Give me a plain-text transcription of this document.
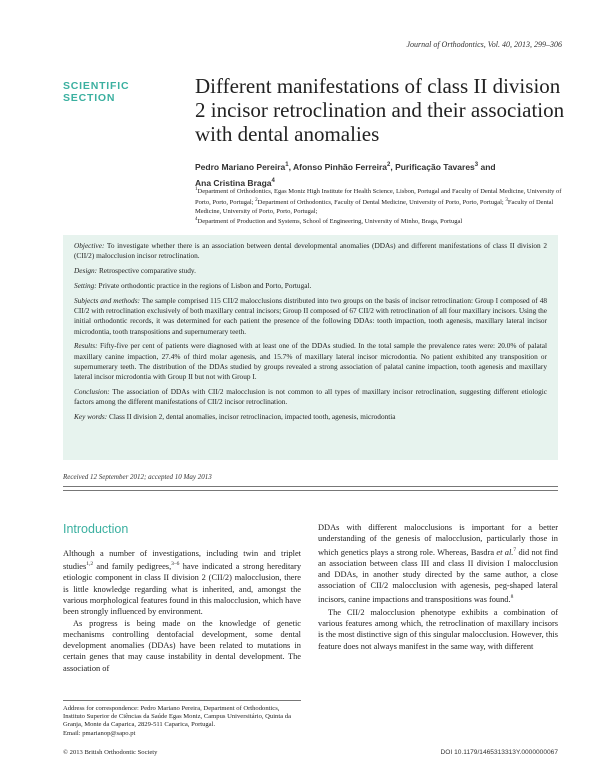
Journal of Orthodontics, Vol. 40, 2013, 299–306
SCIENTIFIC SECTION	Different manifestations of class II division 2 incisor retroclination and their association with dental anomalies
Pedro Mariano Pereira$^1$, Afonso Pinhão Ferreira$^2$, Purificação Tavares$^3$ and
Ana Cristina Braga$^4$
$^1$Department of Orthodontics, Egas Moniz High Institute for Health Science, Lisbon, Portugal and Faculty of Dental Medicine, University of Porto, Porto, Portugal; $^2$Department of Orthodontics, Faculty of Dental Medicine, University of Porto, Porto, Portugal; $^3$Faculty of Dental Medicine, University of Porto, Porto, Portugal;
$^4$Department of Production and Systems, School of Engineering, University of Minho, Braga, Portugal

Objective: To investigate whether there is an association between dental developmental anomalies (DDAs) and different manifestations of class II division 2 (CII/2) malocclusion incisor retroclination.

Design: Retrospective comparative study.

Setting: Private orthodontic practice in the regions of Lisbon and Porto, Portugal.

Subjects and methods: The sample comprised 115 CII/2 malocclusions distributed into two groups on the basis of incisor retroclination: Group I composed of 48 CII/2 with retroclination exclusively of both maxillary central incisors; Group II composed of 67 CII/2 with retroclination of all four maxillary incisors. Using the initial orthodontic records, it was determined for each patient the presence of the following DDAs: tooth impaction, tooth agenesis, maxillary lateral incisor microdontia, tooth transpositions and supernumerary teeth.

Results: Fifty-five per cent of patients were diagnosed with at least one of the DDAs studied. In the total sample the prevalence rates were: 20.0% of palatal maxillary canine impaction, 27.4% of third molar agenesis, and 15.7% of maxillary lateral incisor microdontia. No patient exhibited any transposition or supernumerary teeth. The distribution of the DDAs studied by groups revealed a strong association of palatal canine impaction, tooth agenesis and maxillary lateral incisor microdontia with Group II but not with Group I.

Conclusion: The association of DDAs with CII/2 malocclusion is not common to all types of maxillary incisor retroclination, suggesting different etiologic factors among the different manifestations of CII/2 incisor retroclination.

Key words: Class II division 2, dental anomalies, incisor retroclinacion, impacted tooth, agenesis, microdontia

Received 12 September 2012; accepted 10 May 2013
Introduction

Although a number of investigations, including twin and triplet studies$^{1,2}$ and family pedigrees,$^{3-6}$ have indicated a strong hereditary etiologic component in class II division 2 (CII/2) malocclusion, there is little knowledge regarding what is inherited, and, amongst the various morphological features found in this malocclusion, which have been strongly influenced by environment.

As progress is being made on the knowledge of genetic mechanisms controlling dentofacial development, some dental development anomalies (DDAs) have been related to mutations in certain genes that may cause instability in dental development. The association of

DDAs with different malocclusions is important for a better understanding of the genesis of malocclusion, particularly those in which genetics plays a strong role. Whereas, Basdra et al.$^7$ did not find an association between class III and class II division I malocclusion and DDAs, in another study directed by the same author, a close association of CII/2 malocclusion with agenesis, peg-shaped lateral incisors, canine impactions and transpositions was found.$^8$

The CII/2 malocclusion phenotype exhibits a combination of various features among which, the retroclination of maxillary incisors is the most distinctive sign of this singular malocclusion. However, this feature does not always manifest in the same way, with different

Address for correspondence: Pedro Mariano Pereira, Department of Orthodontics, Instituto Superior de Ciências da Saúde Egas Moniz, Campus Universitário, Quinta da Granja, Monte da Caparica, 2829-511 Caparica, Portugal.
Email: pmarianop@sapo.pt
© 2013 British Orthodontic Society	DOI 10.1179/1465313313Y.0000000067
